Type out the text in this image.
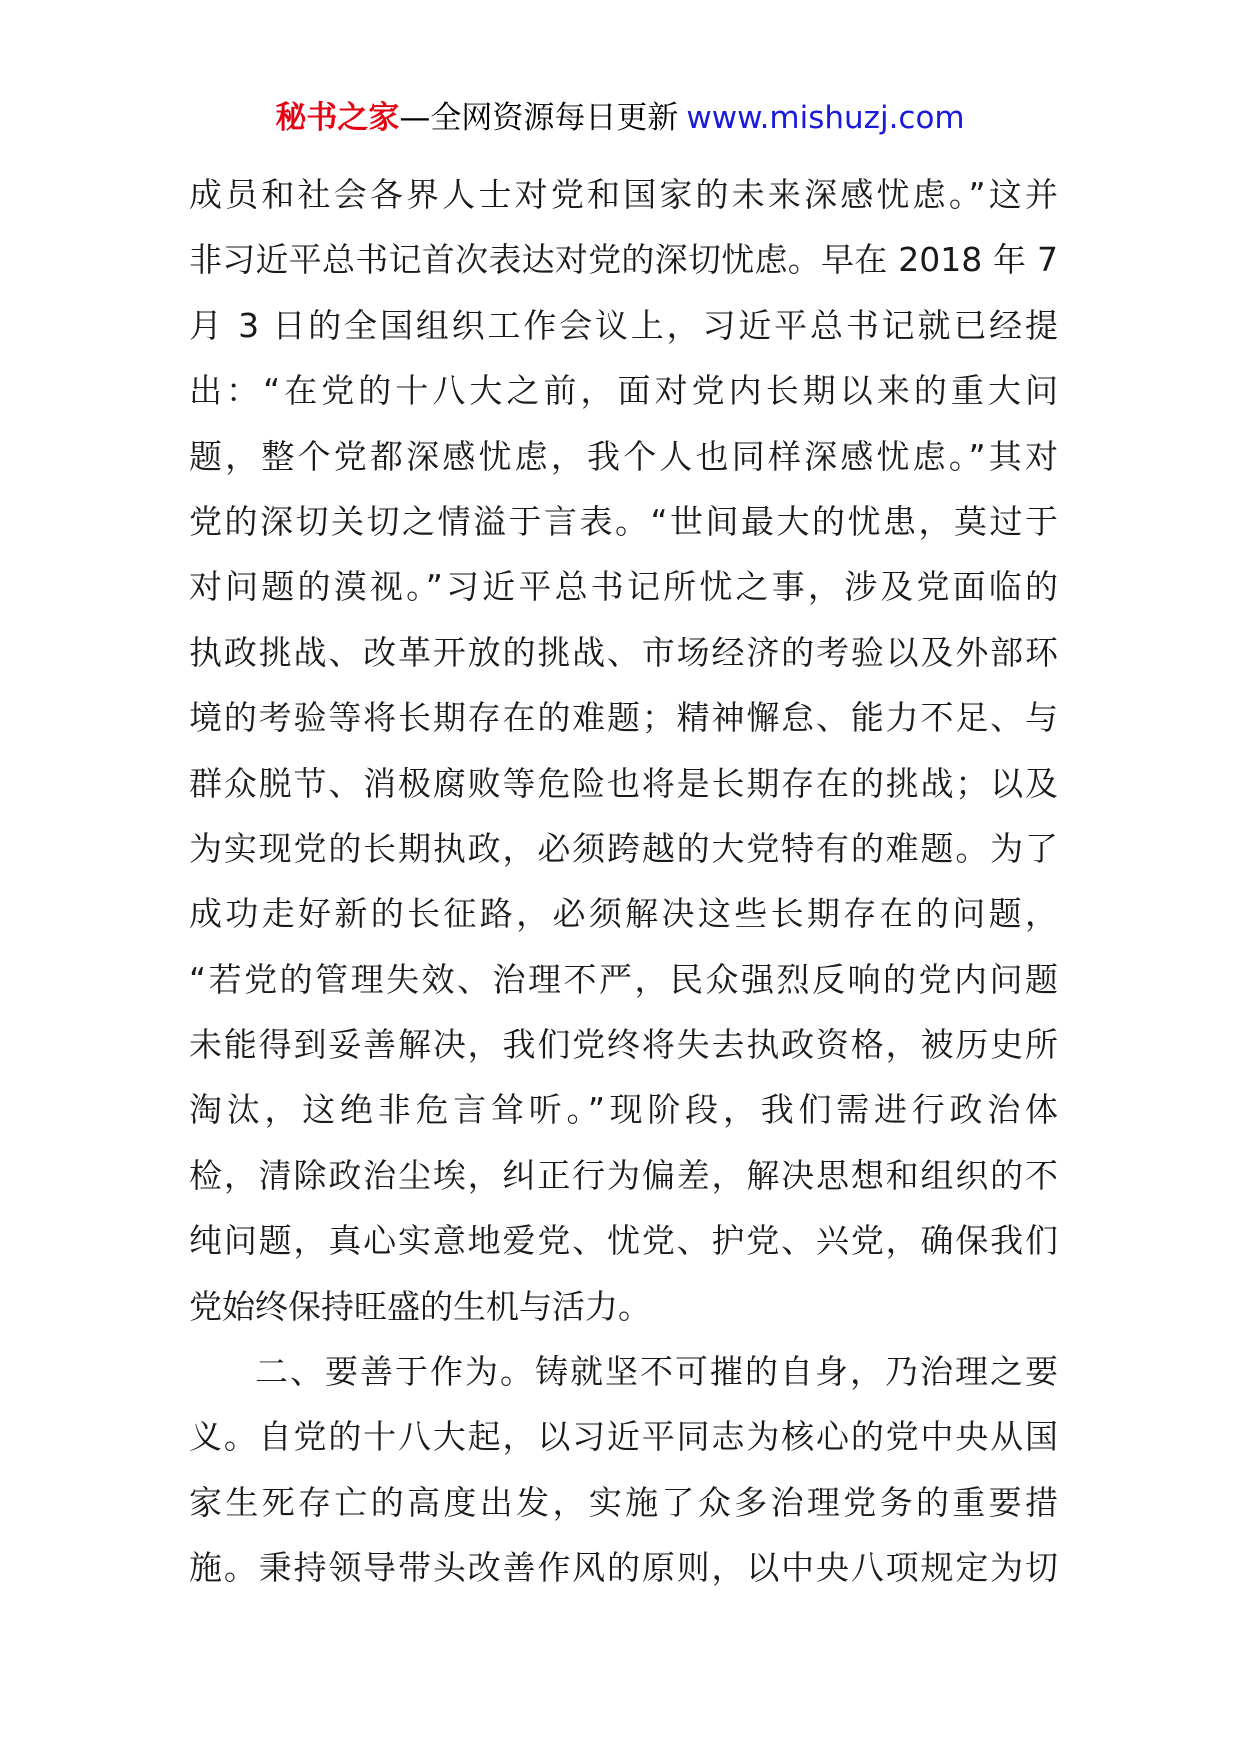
秘书之家—全网资源每日更新 www.mishuzj.com
成员和社会各界人士对党和国家的未来深感忧虑。”这并
非习近平总书记首次表达对党的深切忧虑。早在 2018 年 7
月 3 日的全国组织工作会议上，习近平总书记就已经提
出：“在党的十八大之前，面对党内长期以来的重大问
题，整个党都深感忧虑，我个人也同样深感忧虑。”其对
党的深切关切之情溢于言表。“世间最大的忧患，莫过于
对问题的漠视。”习近平总书记所忧之事，涉及党面临的
执政挑战、改革开放的挑战、市场经济的考验以及外部环
境的考验等将长期存在的难题；精神懈怠、能力不足、与
群众脱节、消极腐败等危险也将是长期存在的挑战；以及
为实现党的长期执政，必须跨越的大党特有的难题。为了
成功走好新的长征路，必须解决这些长期存在的问题，
“若党的管理失效、治理不严，民众强烈反响的党内问题
未能得到妥善解决，我们党终将失去执政资格，被历史所
淘汰，这绝非危言耸听。”现阶段，我们需进行政治体
检，清除政治尘埃，纠正行为偏差，解决思想和组织的不
纯问题，真心实意地爱党、忧党、护党、兴党，确保我们
党始终保持旺盛的生机与活力。
二、要善于作为。铸就坚不可摧的自身，乃治理之要
义。自党的十八大起，以习近平同志为核心的党中央从国
家生死存亡的高度出发，实施了众多治理党务的重要措
施。秉持领导带头改善作风的原则，以中央八项规定为切
